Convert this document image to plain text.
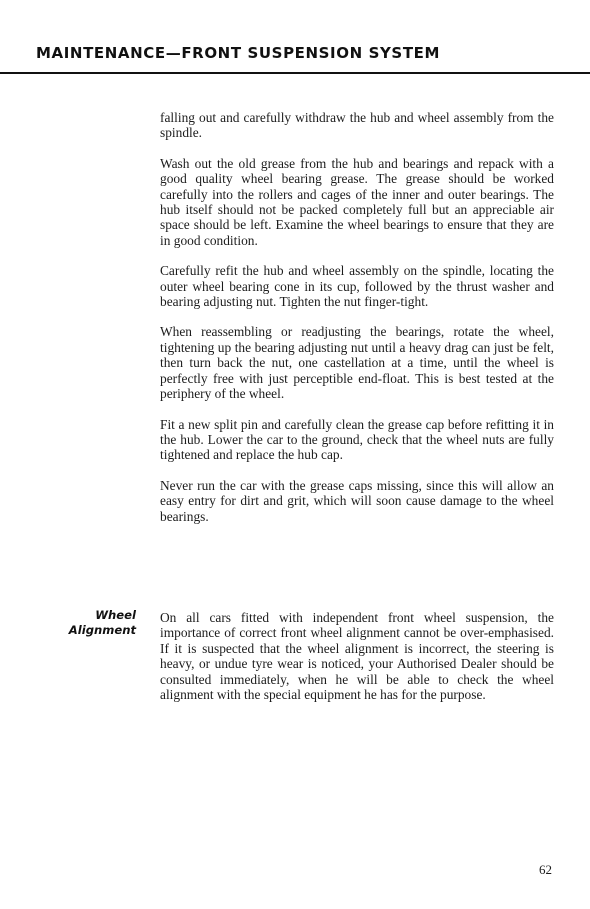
MAINTENANCE—FRONT SUSPENSION SYSTEM

falling out and carefully withdraw the hub and wheel assembly from the spindle.

Wash out the old grease from the hub and bearings and repack with a good quality wheel bearing grease. The grease should be worked carefully into the rollers and cages of the inner and outer bearings. The hub itself should not be packed completely full but an appreciable air space should be left. Examine the wheel bearings to ensure that they are in good condition.

Carefully refit the hub and wheel assembly on the spindle, locating the outer wheel bearing cone in its cup, followed by the thrust washer and bearing adjusting nut. Tighten the nut finger-tight.

When reassembling or readjusting the bearings, rotate the wheel, tightening up the bearing adjusting nut until a heavy drag can just be felt, then turn back the nut, one castellation at a time, until the wheel is perfectly free with just perceptible end-float. This is best tested at the periphery of the wheel.

Fit a new split pin and carefully clean the grease cap before refitting it in the hub. Lower the car to the ground, check that the wheel nuts are fully tightened and replace the hub cap.

Never run the car with the grease caps missing, since this will allow an easy entry for dirt and grit, which will soon cause damage to the wheel bearings.

Wheel
Alignment

On all cars fitted with independent front wheel suspension, the importance of correct front wheel alignment cannot be over-emphasised. If it is suspected that the wheel alignment is incorrect, the steering is heavy, or undue tyre wear is noticed, your Authorised Dealer should be consulted immediately, when he will be able to check the wheel alignment with the special equipment he has for the purpose.

62
